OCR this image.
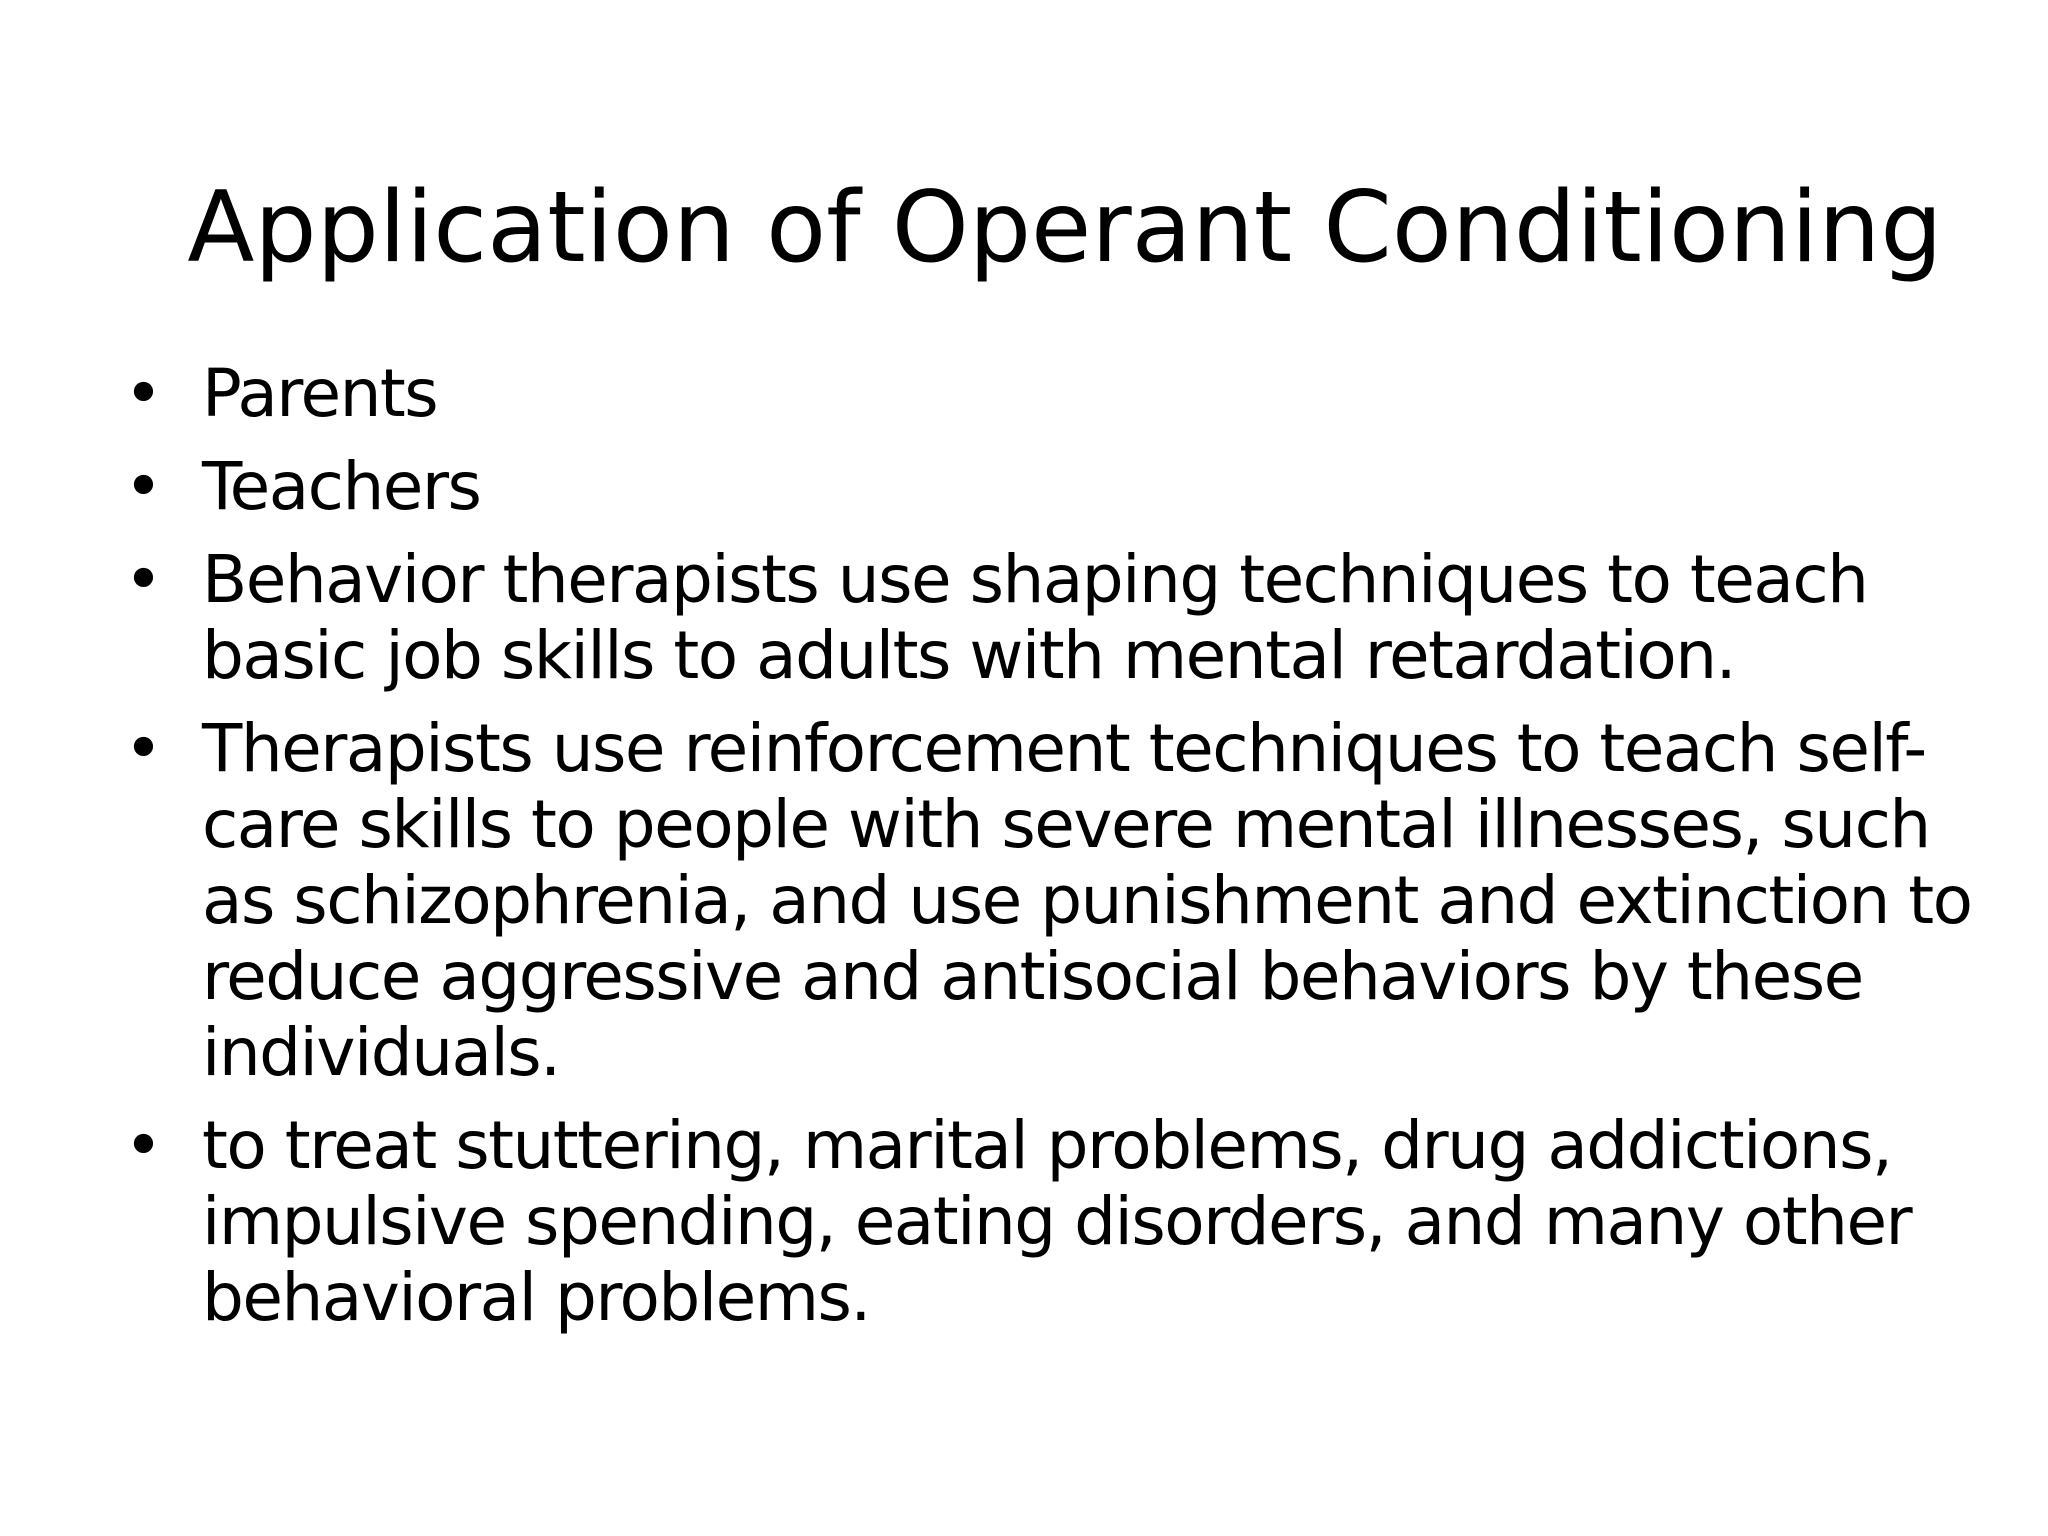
Application of Operant Conditioning
• Parents
• Teachers
• Behavior therapists use shaping techniques to teach basic job skills to adults with mental retardation.
• Therapists use reinforcement techniques to teach self-care skills to people with severe mental illnesses, such as schizophrenia, and use punishment and extinction to reduce aggressive and antisocial behaviors by these individuals.
• to treat stuttering, marital problems, drug addictions, impulsive spending, eating disorders, and many other behavioral problems.
